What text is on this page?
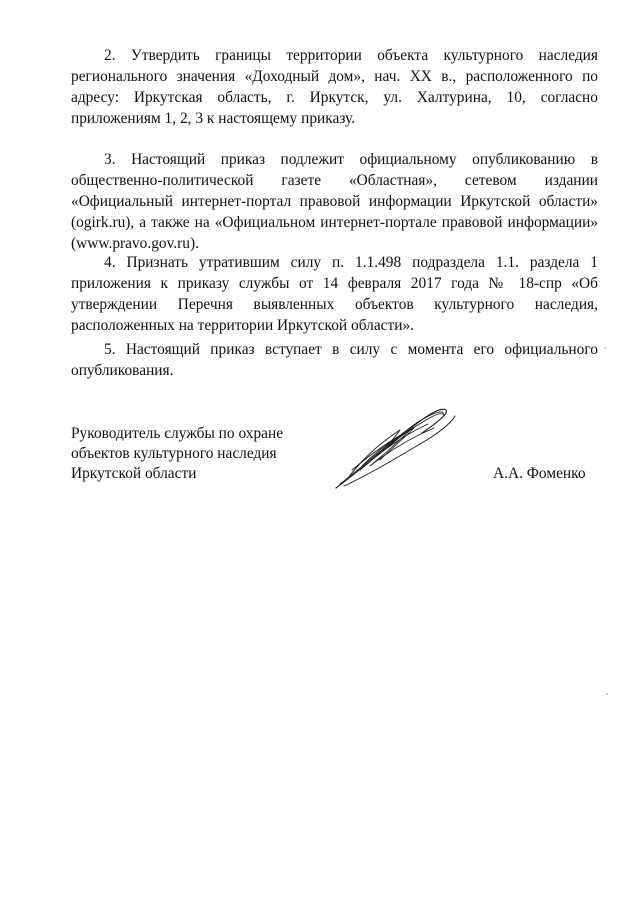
2. Утвердить границы территории объекта культурного наследия регионального значения «Доходный дом», нач. XX в., расположенного по адресу: Иркутская область, г. Иркутск, ул. Халтурина, 10, согласно приложениям 1, 2, 3 к настоящему приказу.

3. Настоящий приказ подлежит официальному опубликованию в общественно-политической газете «Областная», сетевом издании «Официальный интернет-портал правовой информации Иркутской области» (ogirk.ru), а также на «Официальном интернет-портале правовой информации» (www.pravo.gov.ru).

4. Признать утратившим силу п. 1.1.498 подраздела 1.1. раздела 1 приложения к приказу службы от 14 февраля 2017 года № 18-спр «Об утверждении Перечня выявленных объектов культурного наследия, расположенных на территории Иркутской области».

5. Настоящий приказ вступает в силу с момента его официального опубликования.

Руководитель службы по охране
объектов культурного наследия
Иркутской области	А.А. Фоменко
